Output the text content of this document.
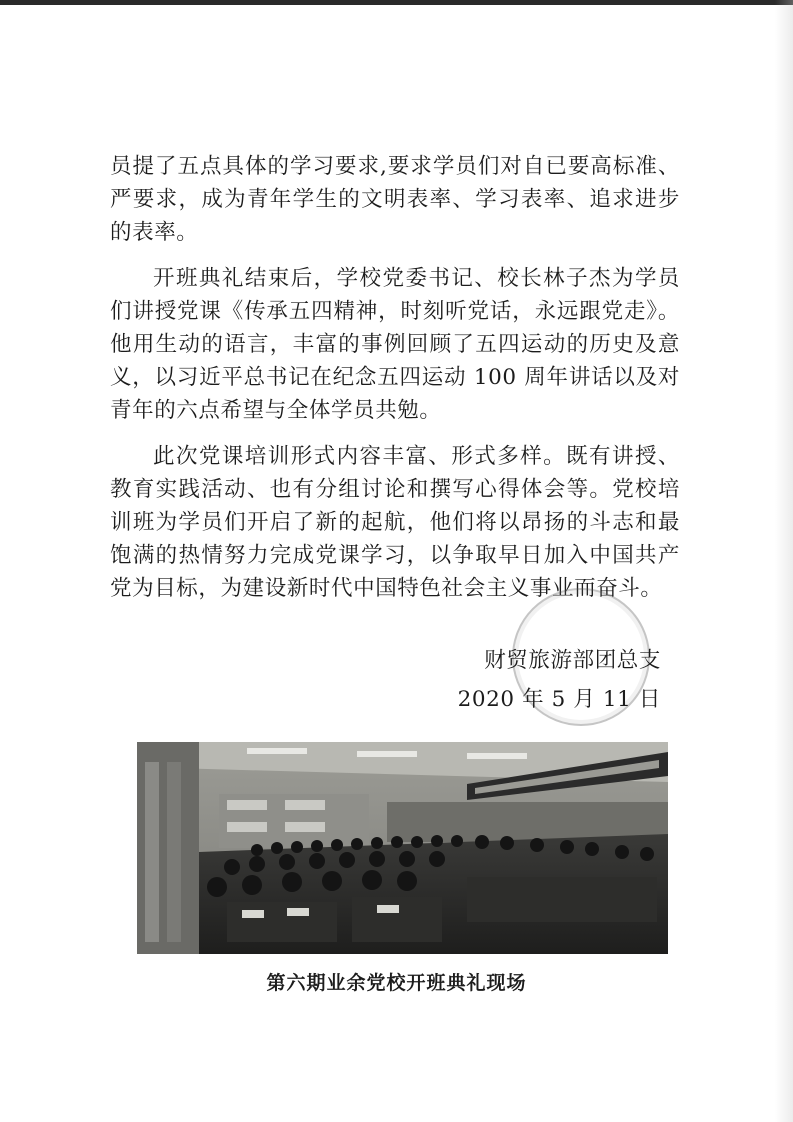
员提了五点具体的学习要求,要求学员们对自已要高标准、严要求，成为青年学生的文明表率、学习表率、追求进步的表率。

开班典礼结束后，学校党委书记、校长林子杰为学员们讲授党课《传承五四精神，时刻听党话，永远跟党走》。他用生动的语言，丰富的事例回顾了五四运动的历史及意义，以习近平总书记在纪念五四运动 100 周年讲话以及对青年的六点希望与全体学员共勉。

此次党课培训形式内容丰富、形式多样。既有讲授、教育实践活动、也有分组讨论和撰写心得体会等。党校培训班为学员们开启了新的起航，他们将以昂扬的斗志和最饱满的热情努力完成党课学习，以争取早日加入中国共产党为目标，为建设新时代中国特色社会主义事业而奋斗。

财贸旅游部团总支
2020 年 5 月 11 日
第六期业余党校开班典礼现场
